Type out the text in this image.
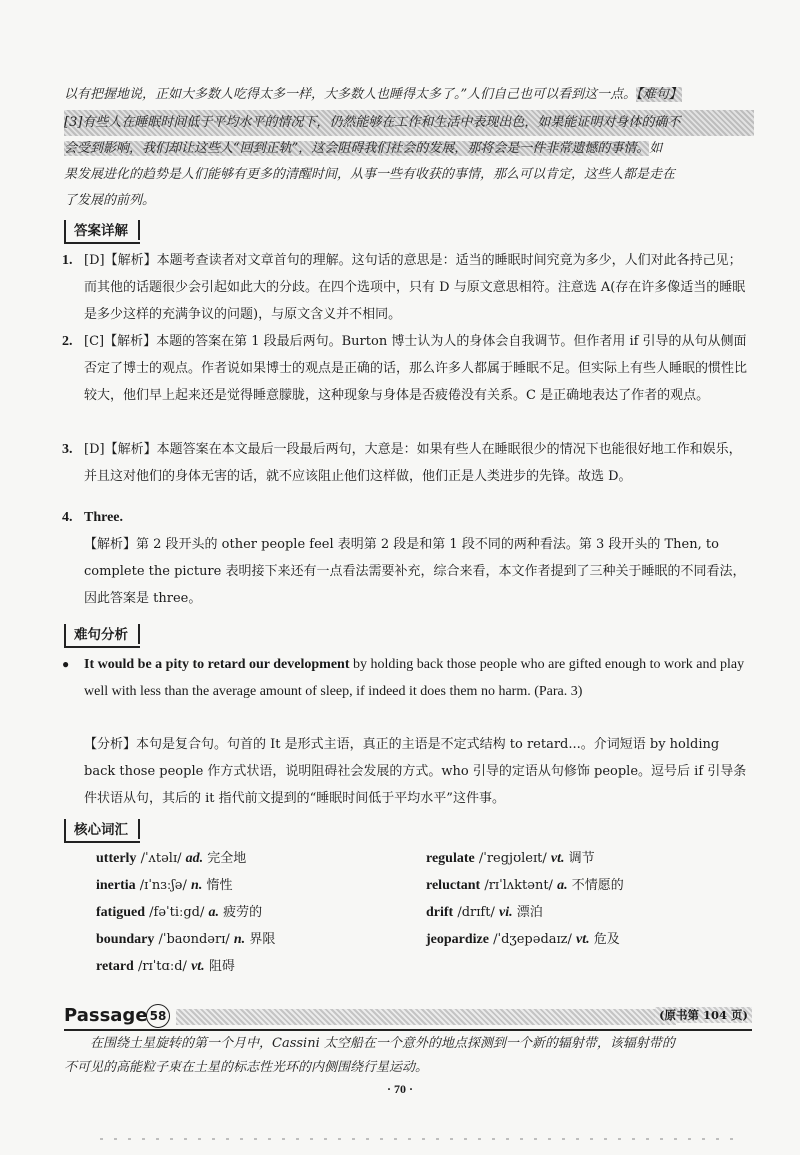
以有把握地说，正如大多数人吃得太多一样，大多数人也睡得太多了。”人们自己也可以看到这一点。【难句】
[3]有些人在睡眠时间低于平均水平的情况下，仍然能够在工作和生活中表现出色，如果能证明对身体的确不
会受到影响，我们却让这些人“回到正轨”，这会阻碍我们社会的发展，那将会是一件非常遗憾的事情。如
果发展进化的趋势是人们能够有更多的清醒时间，从事一些有收获的事情，那么可以肯定，这些人都是走在
了发展的前列。
答案详解
1. [D]【解析】本题考查读者对文章首句的理解。这句话的意思是：适当的睡眠时间究竟为多少，人们对此各持己见；而其他的话题很少会引起如此大的分歧。在四个选项中，只有 D 与原文意思相符。注意选 A(存在许多像适当的睡眠是多少这样的充满争议的问题)，与原文含义并不相同。
2. [C]【解析】本题的答案在第 1 段最后两句。Burton 博士认为人的身体会自我调节。但作者用 if 引导的从句从侧面否定了博士的观点。作者说如果博士的观点是正确的话，那么许多人都属于睡眠不足。但实际上有些人睡眠的惯性比较大，他们早上起来还是觉得睡意朦胧，这种现象与身体是否疲倦没有关系。C 是正确地表达了作者的观点。
3. [D]【解析】本题答案在本文最后一段最后两句，大意是：如果有些人在睡眠很少的情况下也能很好地工作和娱乐，并且这对他们的身体无害的话，就不应该阻止他们这样做，他们正是人类进步的先锋。故选 D。
4. Three.
【解析】第 2 段开头的 other people feel 表明第 2 段是和第 1 段不同的两种看法。第 3 段开头的 Then, to complete the picture 表明接下来还有一点看法需要补充，综合来看，本文作者提到了三种关于睡眠的不同看法，因此答案是 three。
难句分析
● It would be a pity to retard our development by holding back those people who are gifted enough to work and play well with less than the average amount of sleep, if indeed it does them no harm. (Para. 3)
【分析】本句是复合句。句首的 It 是形式主语，真正的主语是不定式结构 to retard...。介词短语 by holding back those people 作方式状语，说明阻碍社会发展的方式。who 引导的定语从句修饰 people。逗号后 if 引导条件状语从句，其后的 it 指代前文提到的“睡眠时间低于平均水平”这件事。
核心词汇
utterly /ˈʌtəlɪ/ ad. 完全地
inertia /ɪˈnɜːʃə/ n. 惰性
fatigued /fəˈtiːgd/ a. 疲劳的
boundary /ˈbaʊndərɪ/ n. 界限
retard /rɪˈtɑːd/ vt. 阻碍
regulate /ˈregjʊleɪt/ vt. 调节
reluctant /rɪˈlʌktənt/ a. 不情愿的
drift /drɪft/ vi. 漂泊
jeopardize /ˈdʒepədaɪz/ vt. 危及
Passage 58	(原书第 104 页)
在围绕土星旋转的第一个月中，Cassini 太空船在一个意外的地点探测到一个新的辐射带，该辐射带的
不可见的高能粒子束在土星的标志性光环的内侧围绕行星运动。
· 70 ·
